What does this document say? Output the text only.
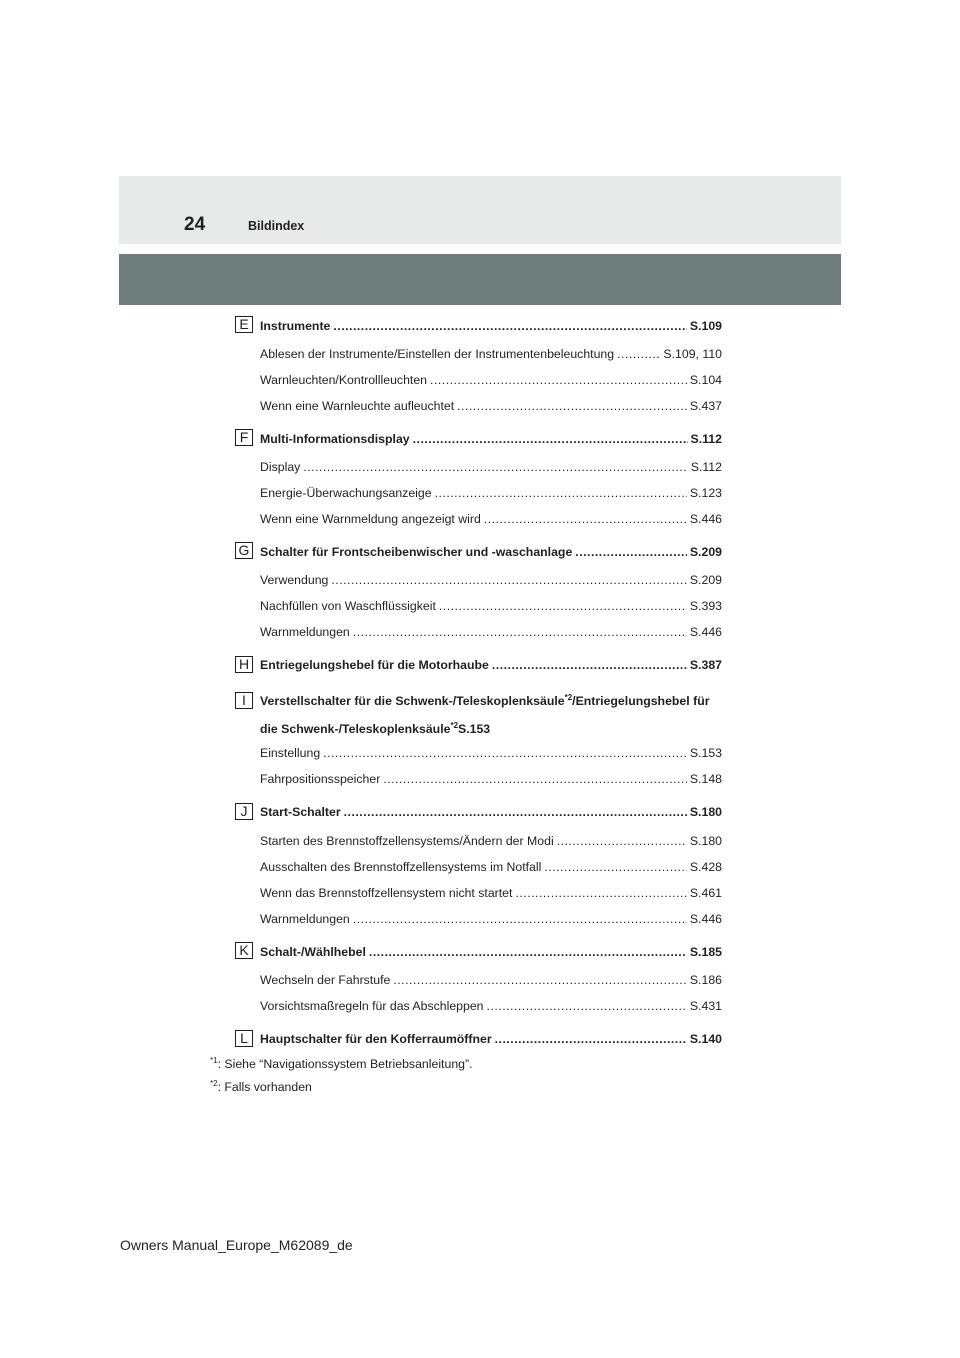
24	Bildindex
E Instrumente .....	S.109
Ablesen der Instrumente/Einstellen der Instrumentenbeleuchtung .....	S.109, 110
Warnleuchten/Kontrollleuchten .....	S.104
Wenn eine Warnleuchte aufleuchtet .....	S.437
F Multi-Informationsdisplay .....	S.112
Display .....	S.112
Energie-Überwachungsanzeige .....	S.123
Wenn eine Warnmeldung angezeigt wird .....	S.446
G Schalter für Frontscheibenwischer und -waschanlage .....	S.209
Verwendung .....	S.209
Nachfüllen von Waschflüssigkeit .....	S.393
Warnmeldungen .....	S.446
H Entriegelungshebel für die Motorhaube .....	S.387
I	Verstellschalter für die Schwenk-/Teleskoplenksäule$^{*2}$/Entriegelungshebel für
die Schwenk-/Teleskoplenksäule$^{*2}$S.153
Einstellung .....	S.153
Fahrpositionsspeicher .....	S.148
J	Start-Schalter .....	S.180
Starten des Brennstoffzellensystems/Ändern der Modi .....	S.180
Ausschalten des Brennstoffzellensystems im Notfall .....	S.428
Wenn das Brennstoffzellensystem nicht startet .....	S.461
Warnmeldungen .....	S.446
K Schalt-/Wählhebel .....	S.185
Wechseln der Fahrstufe .....	S.186
Vorsichtsmaßregeln für das Abschleppen .....	S.431
L Hauptschalter für den Kofferraumöffner .....	S.140
$^{*1}$: Siehe “Navigationssystem Betriebsanleitung”.
$^{*2}$: Falls vorhanden
Owners Manual_Europe_M62089_de
